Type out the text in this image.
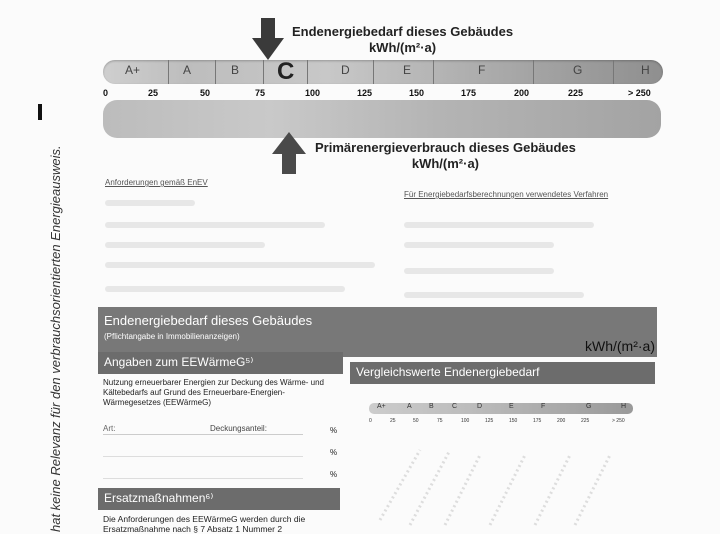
hat keine Relevanz für den verbrauchsorientierten Energieausweis.
Endenergiebedarf dieses Gebäudes
kWh/(m²·a)
A+	A	B C	D	E	F	G	H
0	25	50	75	100	125	150	175	200	225	> 250
Primärenergieverbrauch dieses Gebäudes
kWh/(m²·a)
Anforderungen gemäß EnEV
Für Energiebedarfsberechnungen verwendetes Verfahren
Endenergiebedarf dieses Gebäudes
(Pflichtangabe in Immobilienanzeigen)
kWh/(m²·a)
Angaben zum EEWärmeG⁵⁾
Nutzung erneuerbarer Energien zur Deckung des Wärme- und Kältebedarfs auf Grund des Erneuerbare-Energien-Wärmegesetzes (EEWärmeG)
Art:	Deckungsanteil:	%
%
%
Vergleichswerte Endenergiebedarf
A+	A B	C	D	E	F	G	H
0	25	50	75	100	125	150	175	200	225	> 250
Ersatzmaßnahmen⁶⁾
Die Anforderungen des EEWärmeG werden durch die
Ersatzmaßnahme nach § 7 Absatz 1 Nummer 2
